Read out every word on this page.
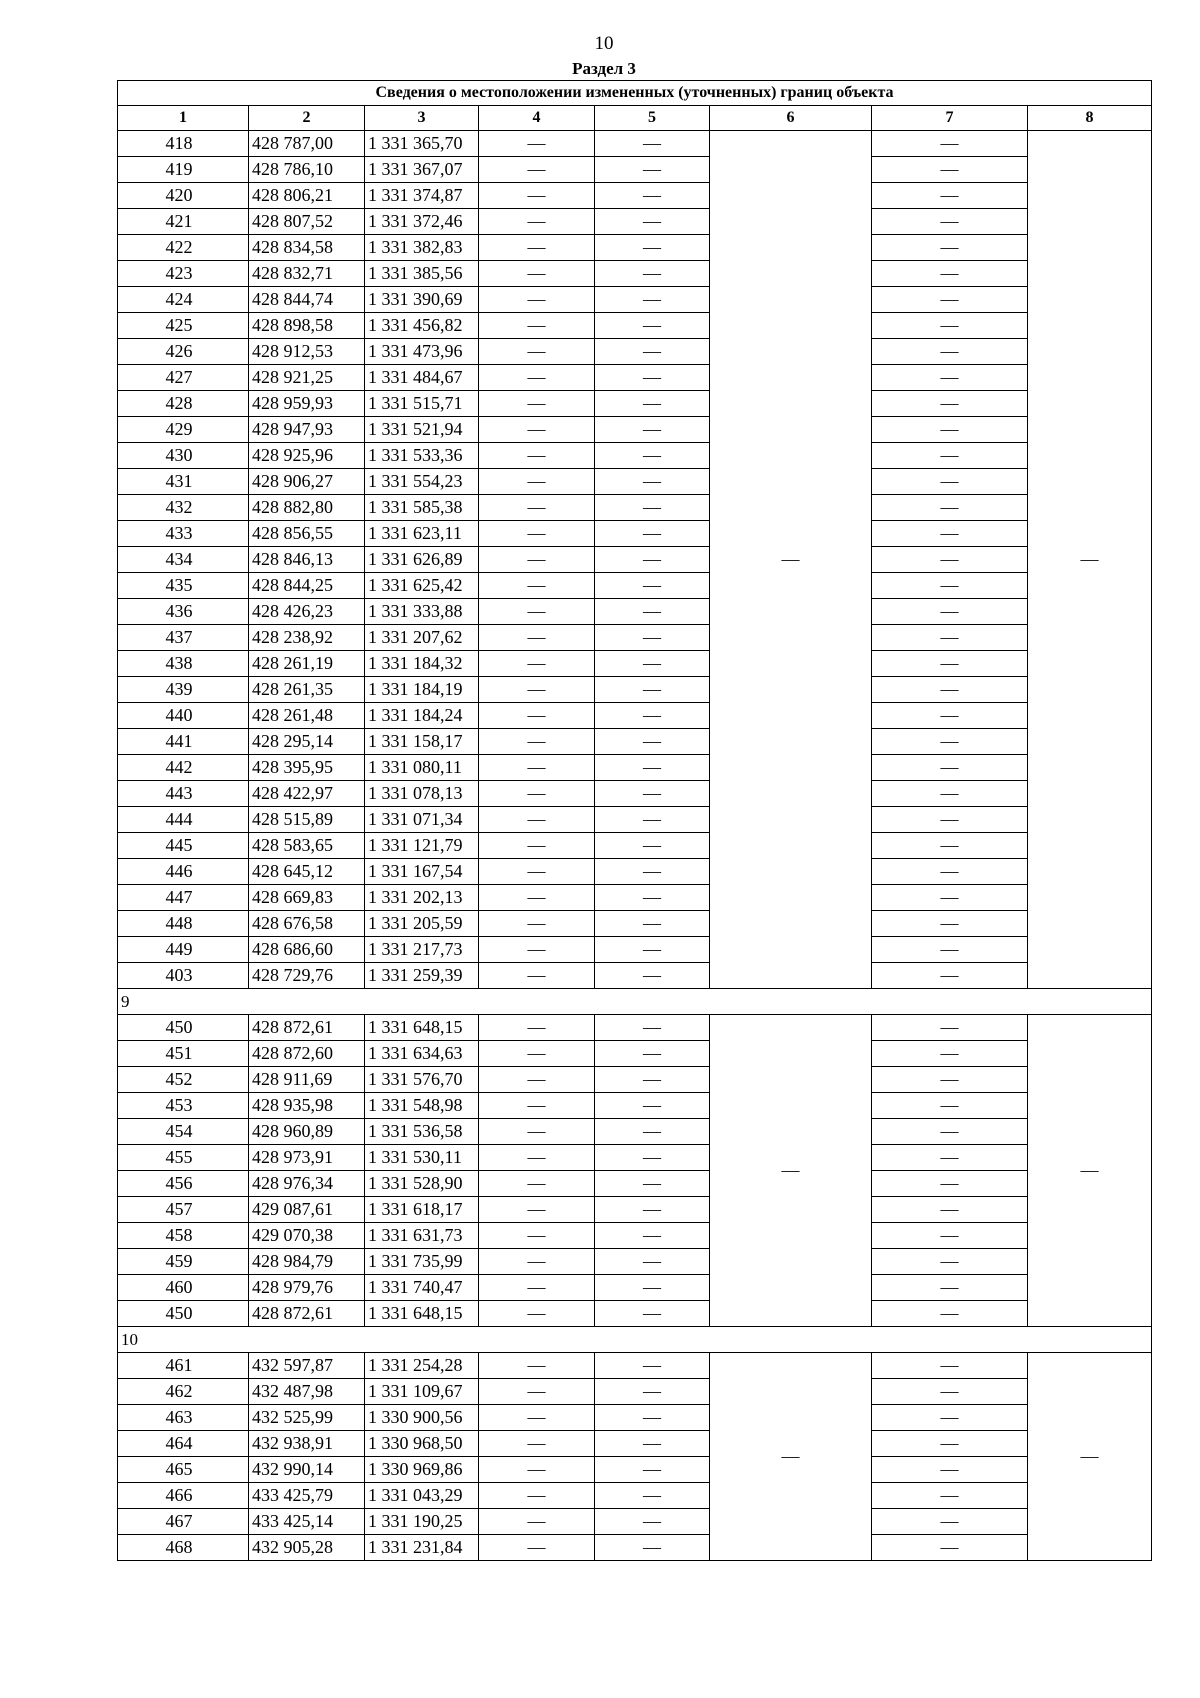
10
Раздел 3
Сведения о местоположении измененных (уточненных) границ объекта							
1	2	3	4	5	6	7	8
418	428 787,00	1 331 365,70	—	—	—	—	—
419	428 786,10	1 331 367,07	—	—		—	
420	428 806,21	1 331 374,87	—	—		—	
421	428 807,52	1 331 372,46	—	—		—	
422	428 834,58	1 331 382,83	—	—		—	
423	428 832,71	1 331 385,56	—	—		—	
424	428 844,74	1 331 390,69	—	—		—	
425	428 898,58	1 331 456,82	—	—		—	
426	428 912,53	1 331 473,96	—	—		—	
427	428 921,25	1 331 484,67	—	—		—	
428	428 959,93	1 331 515,71	—	—		—	
429	428 947,93	1 331 521,94	—	—		—	
430	428 925,96	1 331 533,36	—	—		—	
431	428 906,27	1 331 554,23	—	—		—	
432	428 882,80	1 331 585,38	—	—		—	
433	428 856,55	1 331 623,11	—	—		—	
434	428 846,13	1 331 626,89	—	—		—	
435	428 844,25	1 331 625,42	—	—		—	
436	428 426,23	1 331 333,88	—	—		—	
437	428 238,92	1 331 207,62	—	—		—	
438	428 261,19	1 331 184,32	—	—		—	
439	428 261,35	1 331 184,19	—	—		—	
440	428 261,48	1 331 184,24	—	—		—	
441	428 295,14	1 331 158,17	—	—		—	
442	428 395,95	1 331 080,11	—	—		—	
443	428 422,97	1 331 078,13	—	—		—	
444	428 515,89	1 331 071,34	—	—		—	
445	428 583,65	1 331 121,79	—	—		—	
446	428 645,12	1 331 167,54	—	—		—	
447	428 669,83	1 331 202,13	—	—		—	
448	428 676,58	1 331 205,59	—	—		—	
449	428 686,60	1 331 217,73	—	—		—	
403	428 729,76	1 331 259,39	—	—		—	
9							
450	428 872,61	1 331 648,15	—	—	—	—	—
451	428 872,60	1 331 634,63	—	—		—	
452	428 911,69	1 331 576,70	—	—		—	
453	428 935,98	1 331 548,98	—	—		—	
454	428 960,89	1 331 536,58	—	—		—	
455	428 973,91	1 331 530,11	—	—		—	
456	428 976,34	1 331 528,90	—	—		—	
457	429 087,61	1 331 618,17	—	—		—	
458	429 070,38	1 331 631,73	—	—		—	
459	428 984,79	1 331 735,99	—	—		—	
460	428 979,76	1 331 740,47	—	—		—	
450	428 872,61	1 331 648,15	—	—		—	
10							
461	432 597,87	1 331 254,28	—	—	—	—	—
462	432 487,98	1 331 109,67	—	—		—	
463	432 525,99	1 330 900,56	—	—		—	
464	432 938,91	1 330 968,50	—	—		—	
465	432 990,14	1 330 969,86	—	—		—	
466	433 425,79	1 331 043,29	—	—		—	
467	433 425,14	1 331 190,25	—	—		—	
468	432 905,28	1 331 231,84	—	—		—	
